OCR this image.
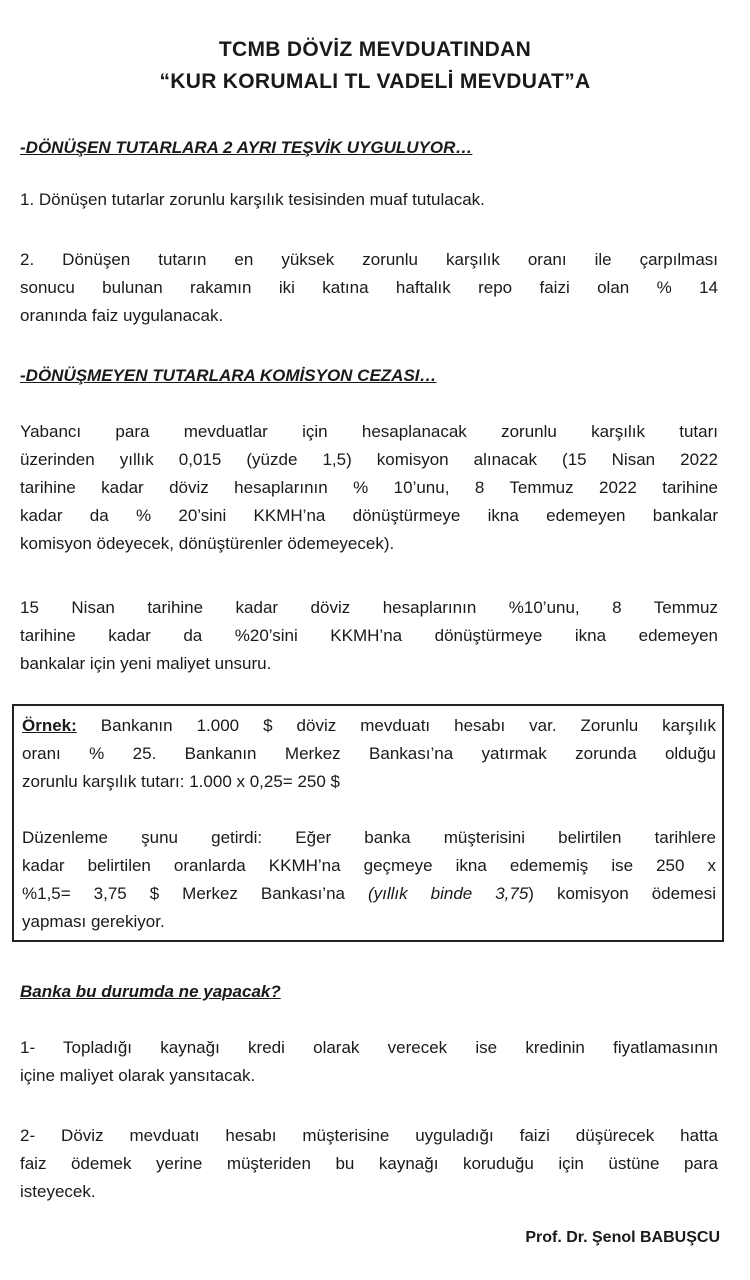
TCMB DÖVİZ MEVDUATINDAN
“KUR KORUMALI TL VADELİ MEVDUAT”A
-DÖNÜŞEN TUTARLARA 2 AYRI TEŞVİK UYGULUYOR…
1. Dönüşen tutarlar zorunlu karşılık tesisinden muaf tutulacak.
2. Dönüşen tutarın en yüksek zorunlu karşılık oranı ile çarpılması
sonucu bulunan rakamın iki katına haftalık repo faizi olan % 14
oranında faiz uygulanacak.
-DÖNÜŞMEYEN TUTARLARA KOMİSYON CEZASI…
Yabancı para mevduatlar için hesaplanacak zorunlu karşılık tutarı
üzerinden yıllık 0,015 (yüzde 1,5) komisyon alınacak (15 Nisan 2022
tarihine kadar döviz hesaplarının % 10’unu, 8 Temmuz 2022 tarihine
kadar da % 20’sini KKMH’na dönüştürmeye ikna edemeyen bankalar
komisyon ödeyecek, dönüştürenler ödemeyecek).
15 Nisan tarihine kadar döviz hesaplarının %10’unu, 8 Temmuz
tarihine kadar da %20’sini KKMH’na dönüştürmeye ikna edemeyen
bankalar için yeni maliyet unsuru.
Örnek: Bankanın 1.000 $ döviz mevduatı hesabı var. Zorunlu karşılık
oranı % 25. Bankanın Merkez Bankası’na yatırmak zorunda olduğu
zorunlu karşılık tutarı: 1.000 x 0,25= 250 $
Düzenleme şunu getirdi: Eğer banka müşterisini belirtilen tarihlere
kadar belirtilen oranlarda KKMH’na geçmeye ikna edememiş ise 250 x
%1,5= 3,75 $ Merkez Bankası’na (yıllık binde 3,75) komisyon ödemesi
yapması gerekiyor.
Banka bu durumda ne yapacak?
1- Topladığı kaynağı kredi olarak verecek ise kredinin fiyatlamasının
içine maliyet olarak yansıtacak.
2- Döviz mevduatı hesabı müşterisine uyguladığı faizi düşürecek hatta
faiz ödemek yerine müşteriden bu kaynağı koruduğu için üstüne para
isteyecek.
Prof. Dr. Şenol BABUŞCU
